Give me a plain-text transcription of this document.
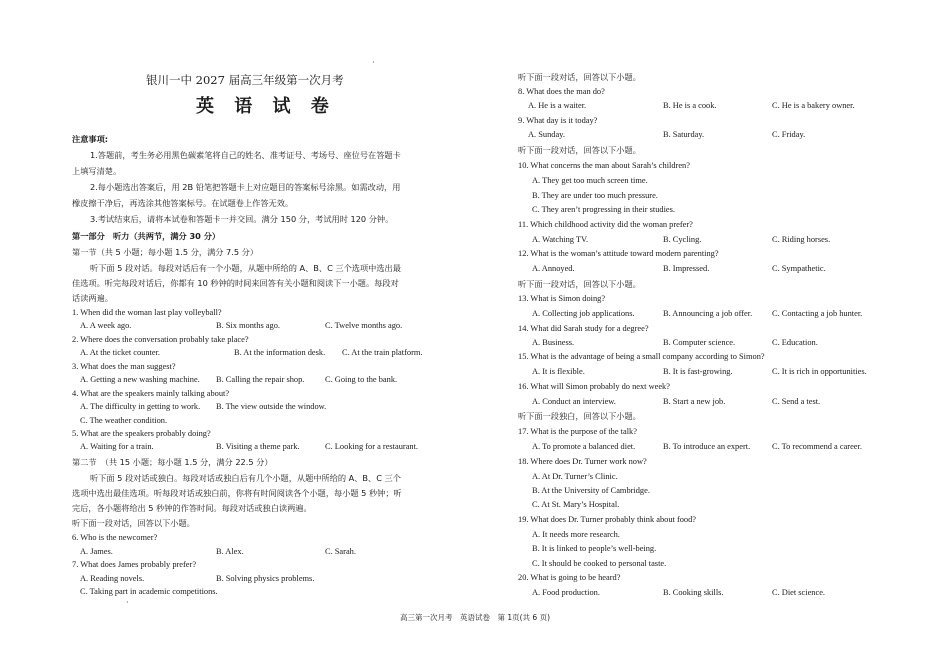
·
·
银川一中 2027 届高三年级第一次月考
英 语 试 卷
注意事项:
1.答题前，考生务必用黑色碳素笔将自己的姓名、准考证号、考场号、座位号在答题卡
上填写清楚。
2.每小题选出答案后，用 2B 铅笔把答题卡上对应题目的答案标号涂黑。如需改动，用
橡皮擦干净后，再选涂其他答案标号。在试题卷上作答无效。
3.考试结束后，请将本试卷和答题卡一并交回。满分 150 分，考试用时 120 分钟。
第一部分　听力（共两节，满分 30 分）
第一节（共 5 小题；每小题 1.5 分，满分 7.5 分）
听下面 5 段对话。每段对话后有一个小题，从题中所给的 A、B、C 三个选项中选出最
佳选项。听完每段对话后，你都有 10 秒钟的时间来回答有关小题和阅读下一小题。每段对
话读两遍。
1. When did the woman last play volleyball?
A. A week ago.	B. Six months ago.	C. Twelve months ago.
2. Where does the conversation probably take place?
A. At the ticket counter.	B. At the information desk. C. At the train platform.
3. What does the man suggest?
A. Getting a new washing machine. B. Calling the repair shop. C. Going to the bank.
4. What are the speakers mainly talking about?
A. The difficulty in getting to work. B. The view outside the window.
C. The weather condition.
5. What are the speakers probably doing?
A. Waiting for a train.	B. Visiting a theme park.	C. Looking for a restaurant.
第二节　（共 15 小题；每小题 1.5 分，满分 22.5 分）
听下面 5 段对话或独白。每段对话或独白后有几个小题，从题中所给的 A、B、C 三个
选项中选出最佳选项。听每段对话或独白前，你将有时间阅读各个小题，每小题 5 秒钟；听
完后，各小题将给出 5 秒钟的作答时间。每段对话或独白读两遍。
听下面一段对话，回答以下小题。
6. Who is the newcomer?
A. James.	B. Alex.	C. Sarah.
7. What does James probably prefer?
A. Reading novels.	B. Solving physics problems.
C. Taking part in academic competitions.
听下面一段对话，回答以下小题。
8. What does the man do?
A. He is a waiter.	B. He is a cook.	C. He is a bakery owner.
9. What day is it today?
A. Sunday.	B. Saturday.	C. Friday.
听下面一段对话，回答以下小题。
10. What concerns the man about Sarah’s children?
A. They get too much screen time.
B. They are under too much pressure.
C. They aren’t progressing in their studies.
11. Which childhood activity did the woman prefer?
A. Watching TV.	B. Cycling.	C. Riding horses.
12. What is the woman’s attitude toward modern parenting?
A. Annoyed.	B. Impressed.	C. Sympathetic.
听下面一段对话，回答以下小题。
13. What is Simon doing?
A. Collecting job applications.	B. Announcing a job offer. C. Contacting a job hunter.
14. What did Sarah study for a degree?
A. Business.	B. Computer science.	C. Education.
15. What is the advantage of being a small company according to Simon?
A. It is flexible.	B. It is fast-growing.	C. It is rich in opportunities.
16. What will Simon probably do next week?
A. Conduct an interview.	B. Start a new job.	C. Send a test.
听下面一段独白，回答以下小题。
17. What is the purpose of the talk?
A. To promote a balanced diet.	B. To introduce an expert.	C. To recommend a career.
18. Where does Dr. Turner work now?
A. At Dr. Turner’s Clinic.
B. At the University of Cambridge.
C. At St. Mary’s Hospital.
19. What does Dr. Turner probably think about food?
A. It needs more research.
B. It is linked to people’s well-being.
C. It should be cooked to personal taste.
20. What is going to be heard?
A. Food production.	B. Cooking skills.	C. Diet science.
高三第一次月考　英语试卷　第 1页(共 6 页)
